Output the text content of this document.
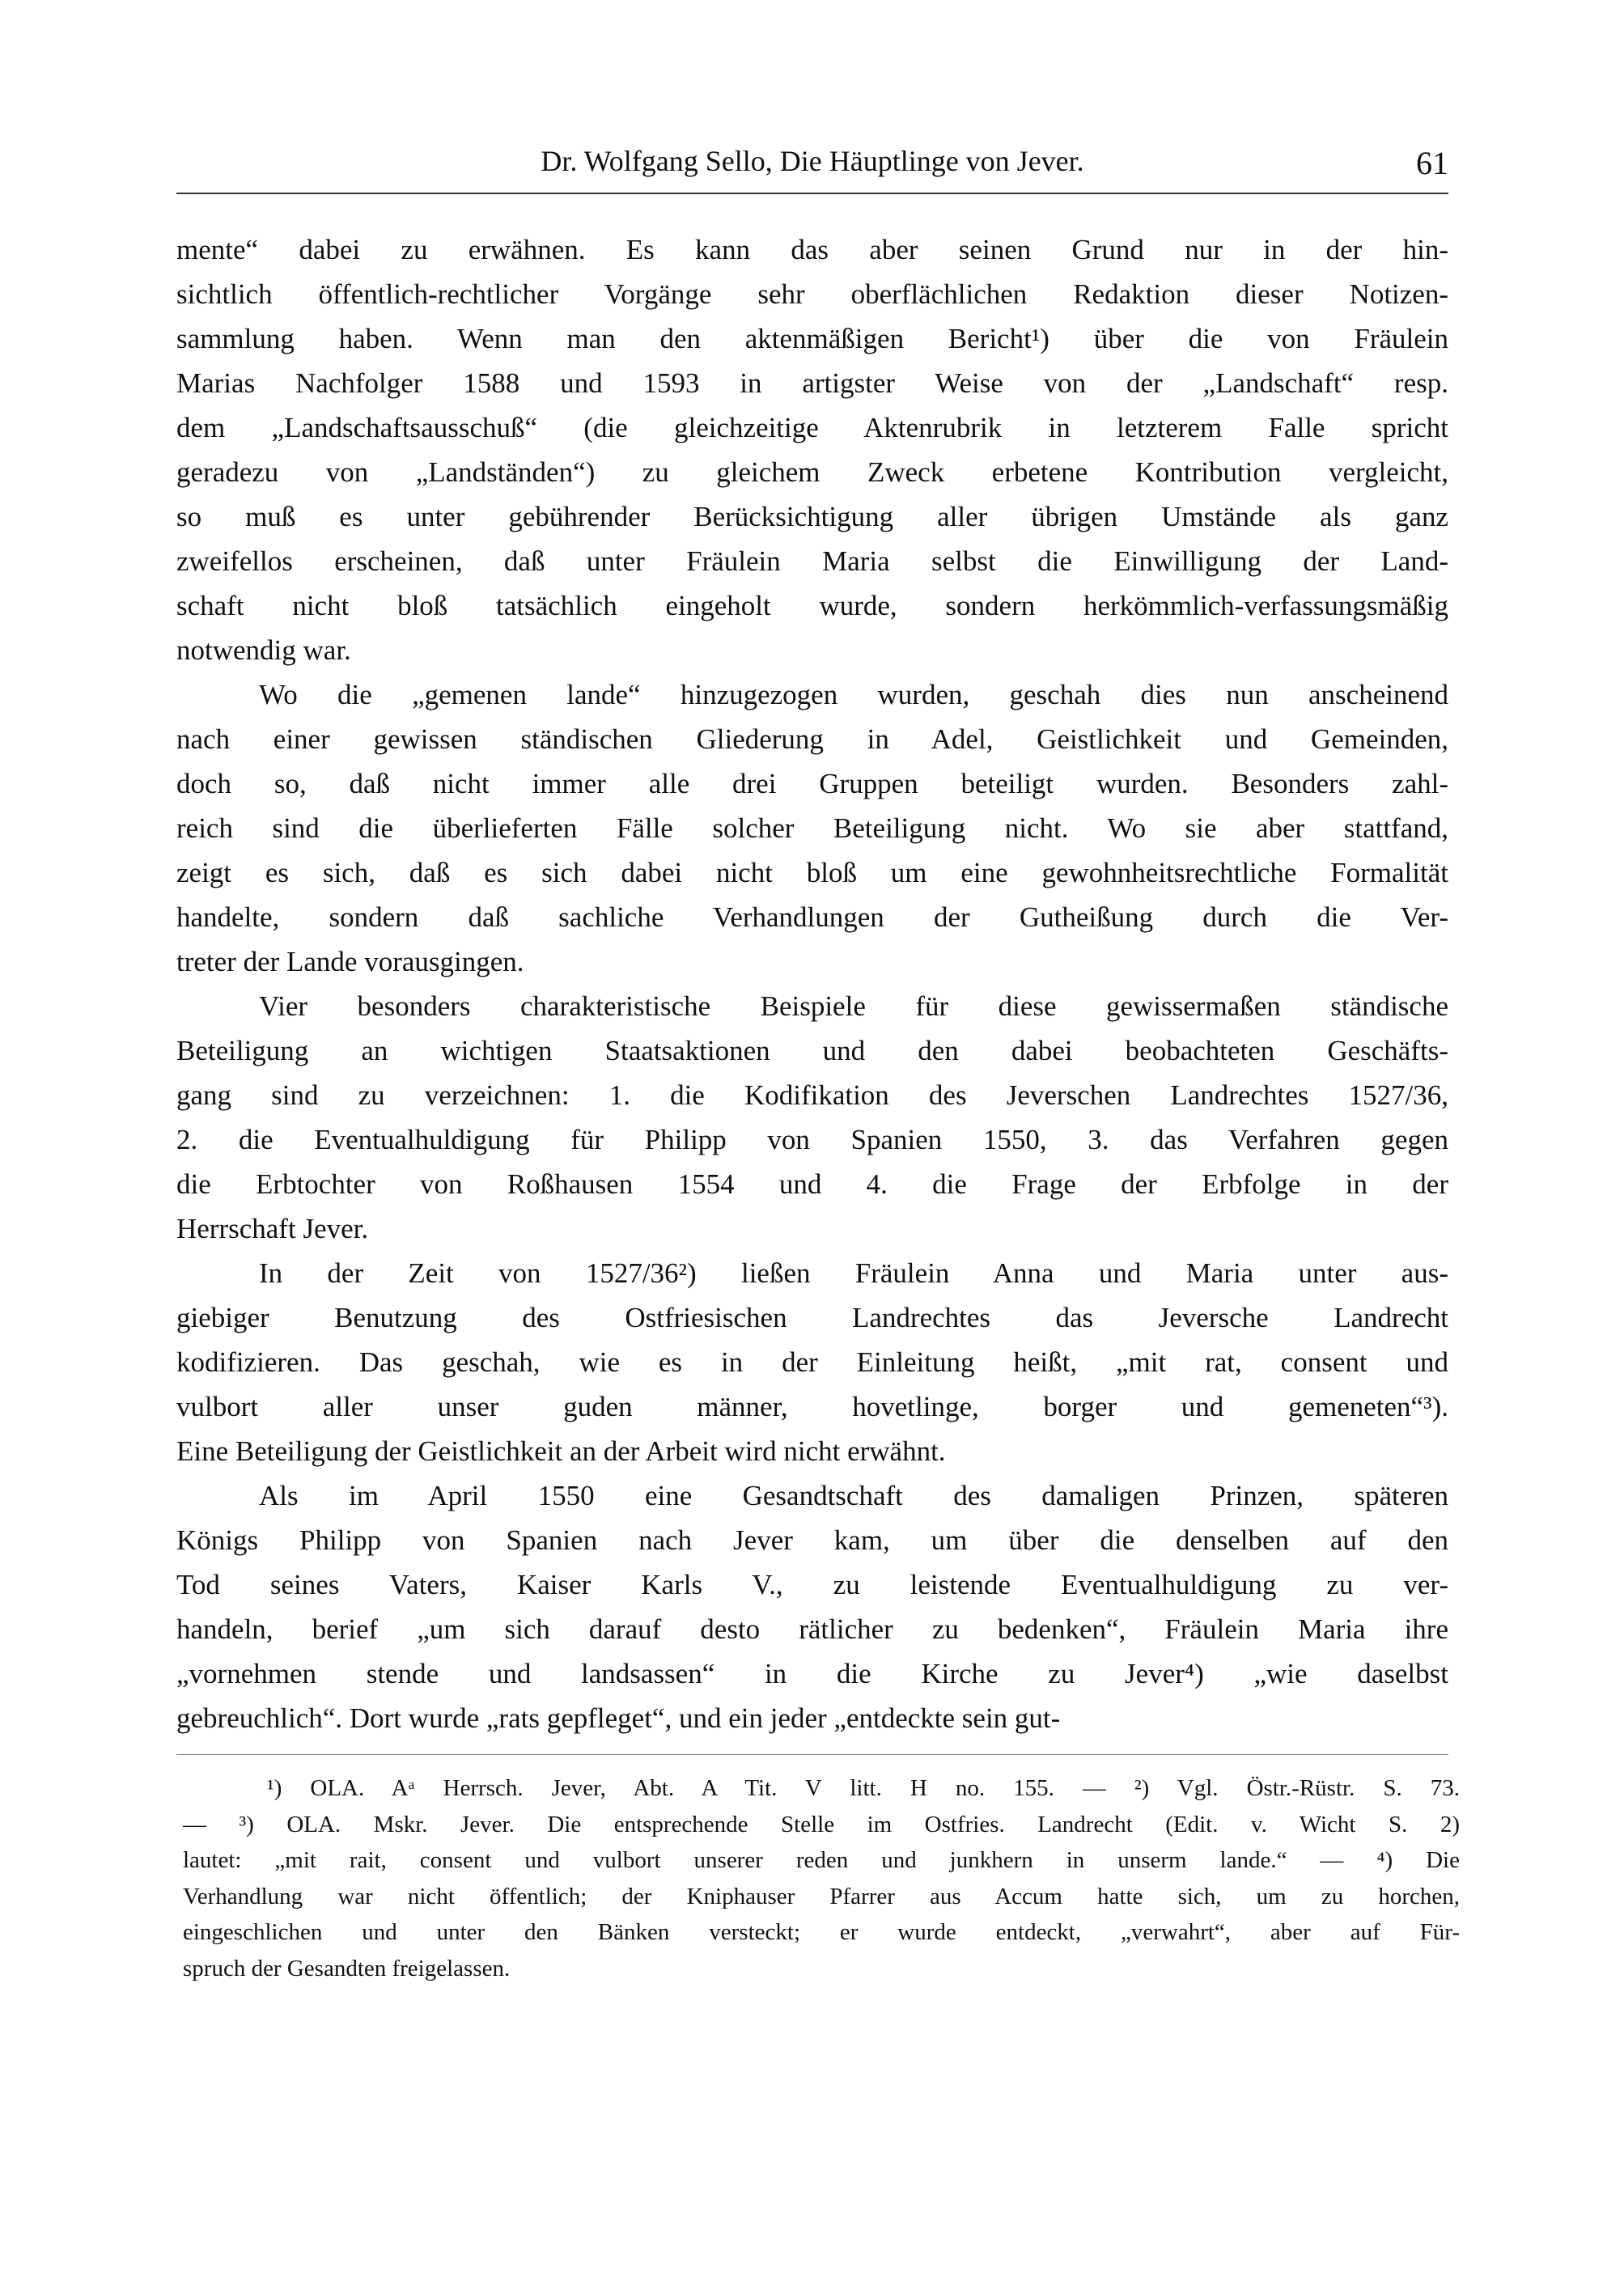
Dr. Wolfgang Sello, Die Häuptlinge von Jever.	61
mente“ dabei zu erwähnen. Es kann das aber seinen Grund nur in der hin-
sichtlich öffentlich-rechtlicher Vorgänge sehr oberflächlichen Redaktion dieser Notizen-
sammlung haben. Wenn man den aktenmäßigen Bericht¹) über die von Fräulein
Marias Nachfolger 1588 und 1593 in artigster Weise von der „Landschaft“ resp.
dem „Landschaftsausschuß“ (die gleichzeitige Aktenrubrik in letzterem Falle spricht
geradezu von „Landständen“) zu gleichem Zweck erbetene Kontribution vergleicht,
so muß es unter gebührender Berücksichtigung aller übrigen Umstände als ganz
zweifellos erscheinen, daß unter Fräulein Maria selbst die Einwilligung der Land-
schaft nicht bloß tatsächlich eingeholt wurde, sondern herkömmlich-verfassungsmäßig
notwendig war.
Wo die „gemenen lande“ hinzugezogen wurden, geschah dies nun anscheinend
nach einer gewissen ständischen Gliederung in Adel, Geistlichkeit und Gemeinden,
doch so, daß nicht immer alle drei Gruppen beteiligt wurden. Besonders zahl-
reich sind die überlieferten Fälle solcher Beteiligung nicht. Wo sie aber stattfand,
zeigt es sich, daß es sich dabei nicht bloß um eine gewohnheitsrechtliche Formalität
handelte, sondern daß sachliche Verhandlungen der Gutheißung durch die Ver-
treter der Lande vorausgingen.
Vier besonders charakteristische Beispiele für diese gewissermaßen ständische
Beteiligung an wichtigen Staatsaktionen und den dabei beobachteten Geschäfts-
gang sind zu verzeichnen: 1. die Kodifikation des Jeverschen Landrechtes 1527/36,
2. die Eventualhuldigung für Philipp von Spanien 1550, 3. das Verfahren gegen
die Erbtochter von Roßhausen 1554 und 4. die Frage der Erbfolge in der
Herrschaft Jever.
In der Zeit von 1527/36²) ließen Fräulein Anna und Maria unter aus-
giebiger Benutzung des Ostfriesischen Landrechtes das Jeversche Landrecht
kodifizieren. Das geschah, wie es in der Einleitung heißt, „mit rat, consent und
vulbort aller unser guden männer, hovetlinge, borger und gemeneten“³).
Eine Beteiligung der Geistlichkeit an der Arbeit wird nicht erwähnt.
Als im April 1550 eine Gesandtschaft des damaligen Prinzen, späteren
Königs Philipp von Spanien nach Jever kam, um über die denselben auf den
Tod seines Vaters, Kaiser Karls V., zu leistende Eventualhuldigung zu ver-
handeln, berief „um sich darauf desto rätlicher zu bedenken“, Fräulein Maria ihre
„vornehmen stende und landsassen“ in die Kirche zu Jever⁴) „wie daselbst
gebreuchlich“. Dort wurde „rats gepfleget“, und ein jeder „entdeckte sein gut-
¹) OLA. Aᵃ Herrsch. Jever, Abt. A Tit. V litt. H no. 155. — ²) Vgl. Östr.-Rüstr. S. 73.
— ³) OLA. Mskr. Jever. Die entsprechende Stelle im Ostfries. Landrecht (Edit. v. Wicht S. 2)
lautet: „mit rait, consent und vulbort unserer reden und junkhern in unserm lande.“ — ⁴) Die
Verhandlung war nicht öffentlich; der Kniphauser Pfarrer aus Accum hatte sich, um zu horchen,
eingeschlichen und unter den Bänken versteckt; er wurde entdeckt, „verwahrt“, aber auf Für-
spruch der Gesandten freigelassen.
